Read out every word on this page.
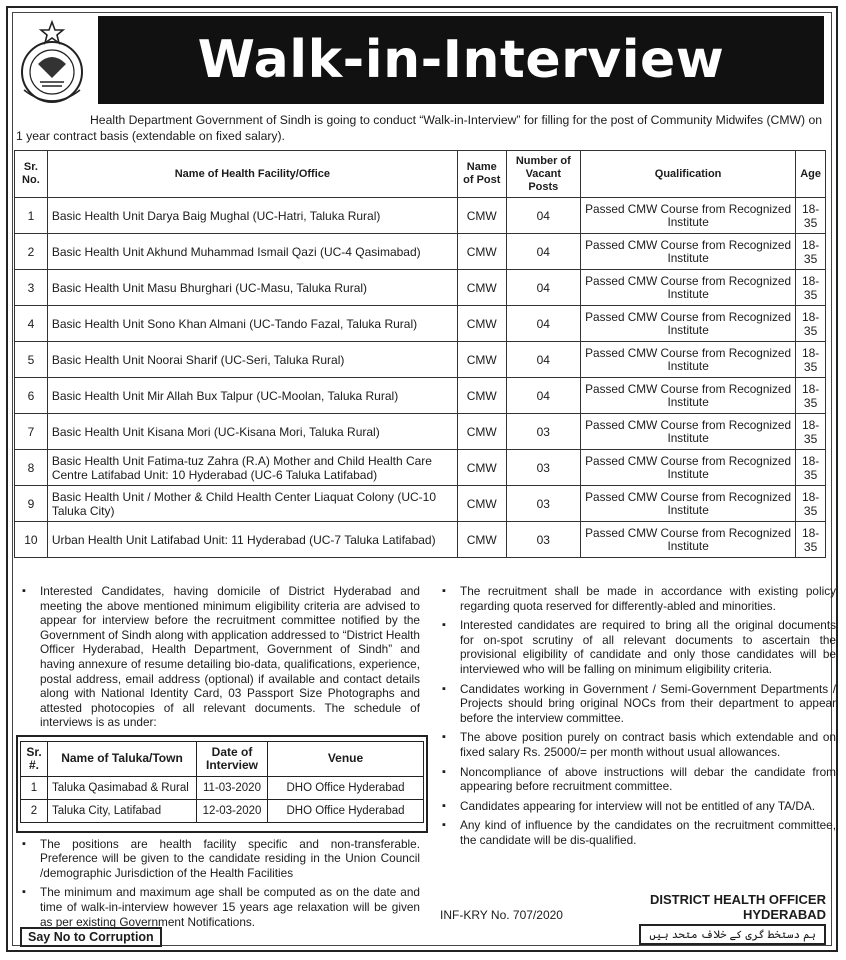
Walk-in-Interview
Health Department Government of Sindh is going to conduct “Walk-in-Interview” for filling for the post of Community Midwifes (CMW) on 1 year contract basis (extendable on fixed salary).
Sr. No.	Name of Health Facility/Office	Name of Post	Number of Vacant Posts	Qualification	Age
1	Basic Health Unit Darya Baig Mughal (UC-Hatri, Taluka Rural)	CMW	04	Passed CMW Course from Recognized Institute	18-35
2	Basic Health Unit Akhund Muhammad Ismail Qazi (UC-4 Qasimabad)	CMW	04	Passed CMW Course from Recognized Institute	18-35
3	Basic Health Unit Masu Bhurghari (UC-Masu, Taluka Rural)	CMW	04	Passed CMW Course from Recognized Institute	18-35
4	Basic Health Unit Sono Khan Almani (UC-Tando Fazal, Taluka Rural)	CMW	04	Passed CMW Course from Recognized Institute	18-35
5	Basic Health Unit Noorai Sharif (UC-Seri, Taluka Rural)	CMW	04	Passed CMW Course from Recognized Institute	18-35
6	Basic Health Unit Mir Allah Bux Talpur (UC-Moolan, Taluka Rural)	CMW	04	Passed CMW Course from Recognized Institute	18-35
7	Basic Health Unit Kisana Mori (UC-Kisana Mori, Taluka Rural)	CMW	03	Passed CMW Course from Recognized Institute	18-35
8	Basic Health Unit Fatima-tuz Zahra (R.A) Mother and Child Health Care Centre Latifabad Unit: 10 Hyderabad (UC-6 Taluka Latifabad)	CMW	03	Passed CMW Course from Recognized Institute	18-35
9	Basic Health Unit / Mother & Child Health Center Liaquat Colony (UC-10 Taluka City)	CMW	03	Passed CMW Course from Recognized Institute	18-35
10	Urban Health Unit Latifabad Unit: 11 Hyderabad (UC-7 Taluka Latifabad)	CMW	03	Passed CMW Course from Recognized Institute	18-35
▪ Interested Candidates, having domicile of District Hyderabad and meeting the above mentioned minimum eligibility criteria are advised to appear for interview before the recruitment committee notified by the Government of Sindh along with application addressed to “District Health Officer Hyderabad, Health Department, Government of Sindh” and having annexure of resume detailing bio-data, qualifications, experience, postal address, email address (optional) if available and contact details along with National Identity Card, 03 Passport Size Photographs and attested photocopies of all relevant documents. The schedule of interviews is as under:
Sr. #.	Name of Taluka/Town	Date of Interview	Venue
1	Taluka Qasimabad & Rural	11-03-2020	DHO Office Hyderabad
2	Taluka City, Latifabad	12-03-2020	DHO Office Hyderabad
▪ The positions are health facility specific and non-transferable. Preference will be given to the candidate residing in the Union Council /demographic Jurisdiction of the Health Facilities
▪ The minimum and maximum age shall be computed as on the date and time of walk-in-interview however 15 years age relaxation will be given as per existing Government Notifications.
▪ The recruitment shall be made in accordance with existing policy regarding quota reserved for differently-abled and minorities.
▪ Interested candidates are required to bring all the original documents for on-spot scrutiny of all relevant documents to ascertain the provisional eligibility of candidate and only those candidates will be interviewed who will be falling on minimum eligibility criteria.
▪ Candidates working in Government / Semi-Government Departments / Projects should bring original NOCs from their department to appear before the interview committee.
▪ The above position purely on contract basis which extendable and on fixed salary Rs. 25000/= per month without usual allowances.
▪ Noncompliance of above instructions will debar the candidate from appearing before recruitment committee.
▪ Candidates appearing for interview will not be entitled of any TA/DA.
▪ Any kind of influence by the candidates on the recruitment committee, the candidate will be dis-qualified.
INF-KRY No. 707/2020
DISTRICT HEALTH OFFICER
HYDERABAD
Say No to Corruption	ہم دستخط گری کے خلاف متحد ہیں
